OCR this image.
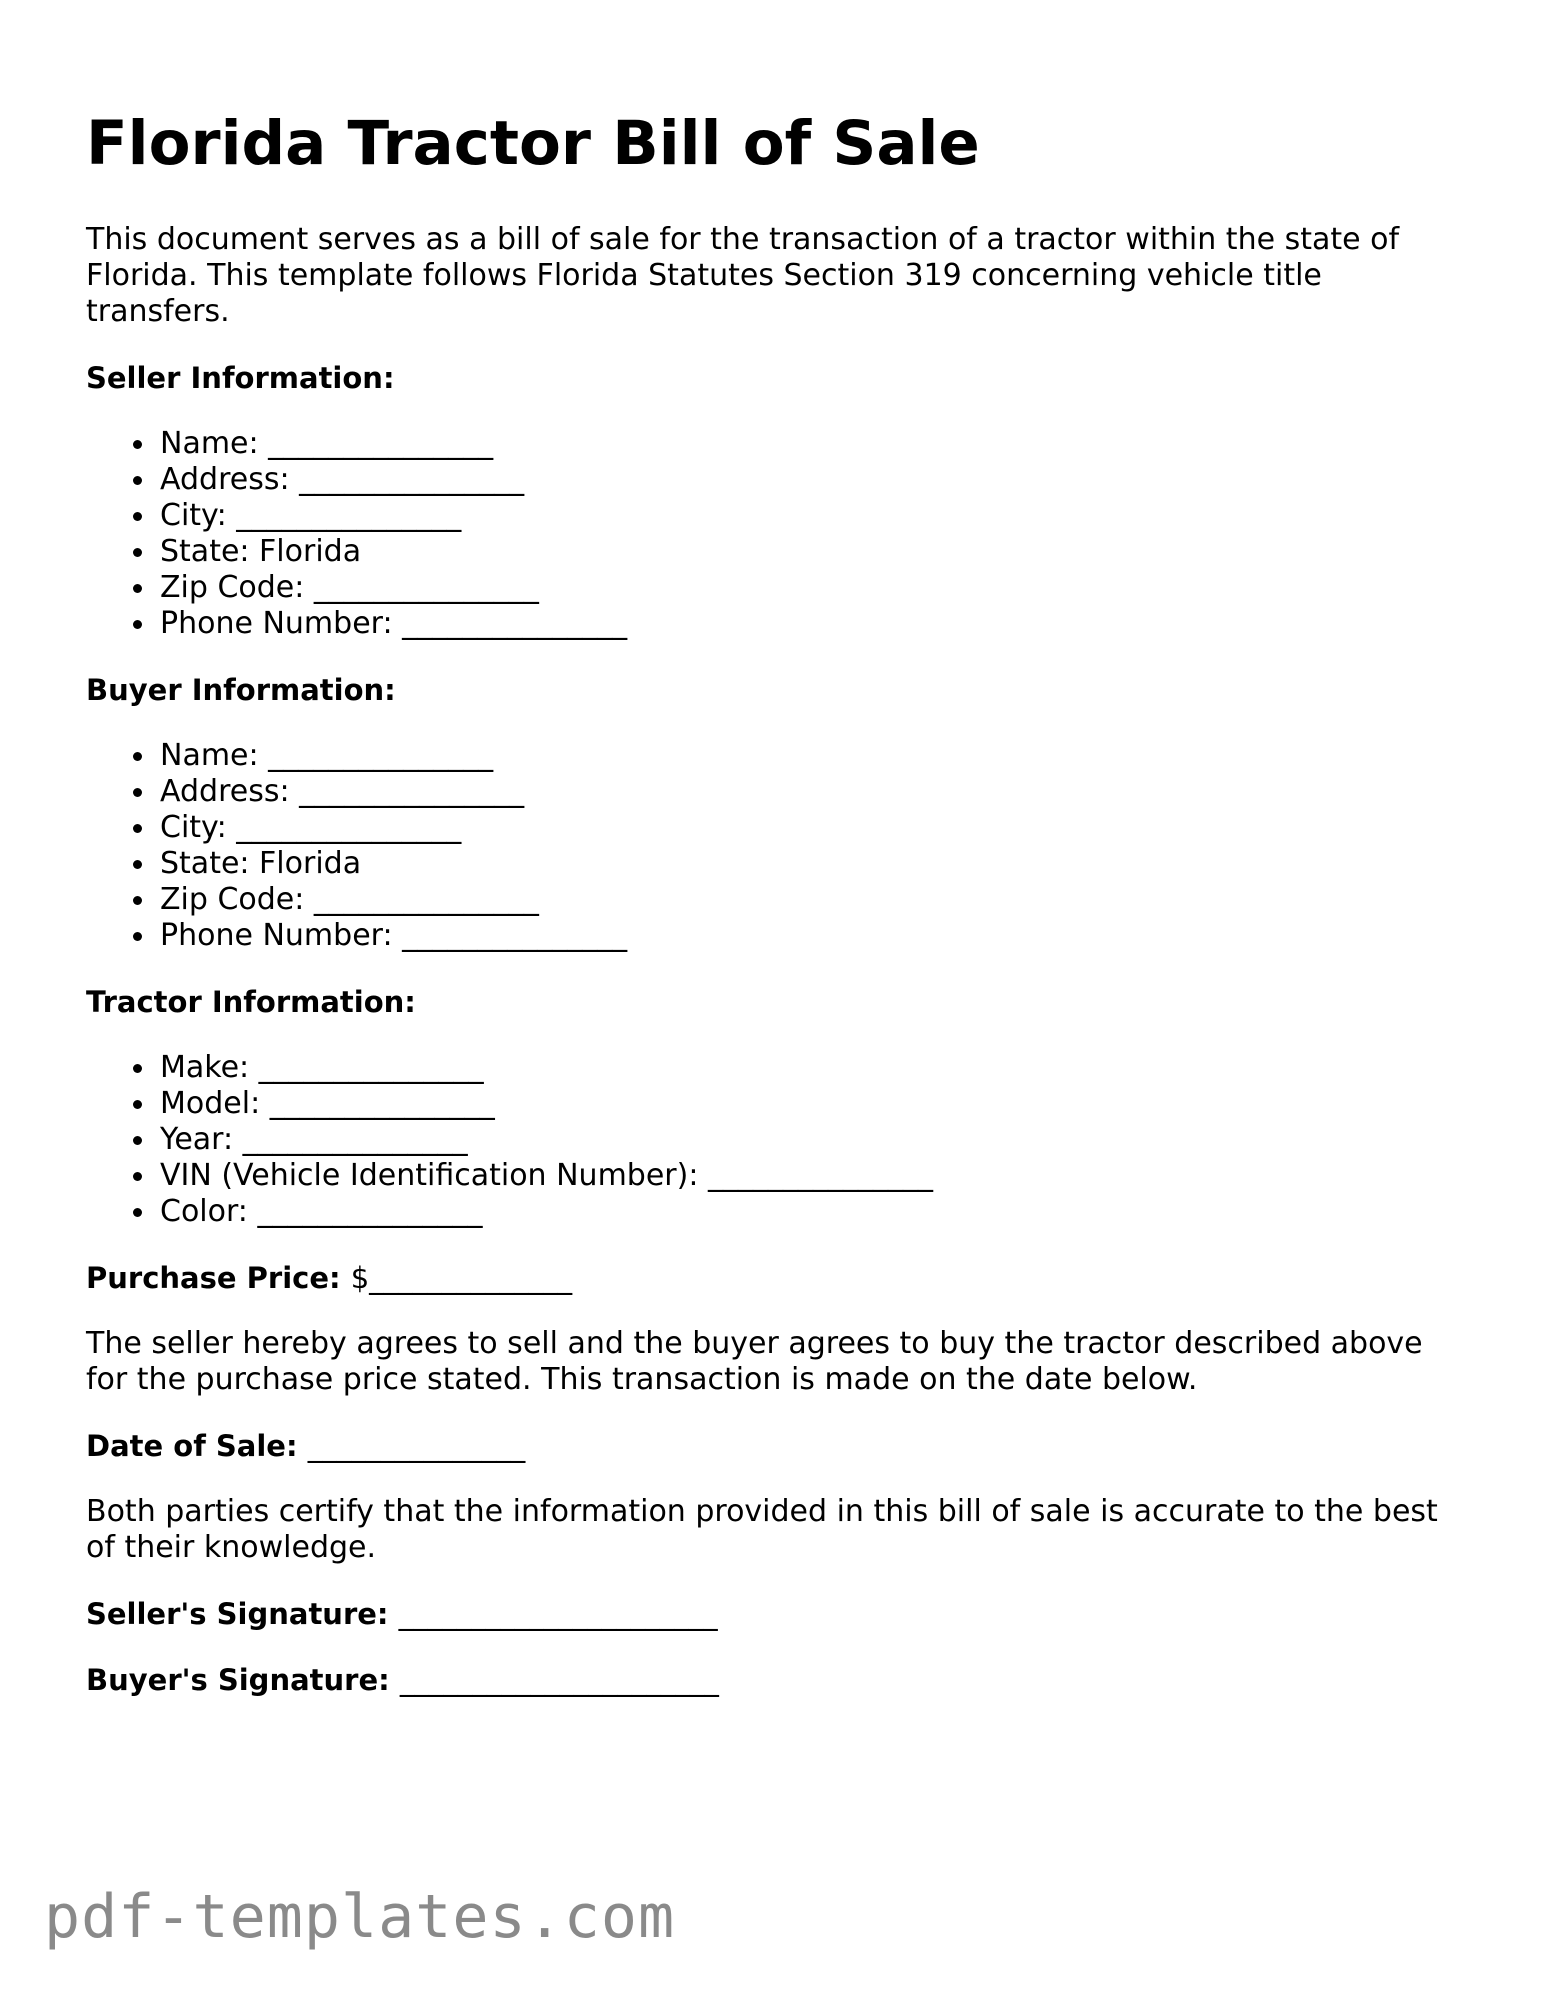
Florida Tractor Bill of Sale

This document serves as a bill of sale for the transaction of a tractor within the state of Florida. This template follows Florida Statutes Section 319 concerning vehicle title transfers.

Seller Information:
Name: _______________
Address: _______________
City: _______________
State: Florida
Zip Code: _______________
Phone Number: _______________
Buyer Information:
Name: _______________
Address: _______________
City: _______________
State: Florida
Zip Code: _______________
Phone Number: _______________
Tractor Information:
Make: _______________
Model: _______________
Year: _______________
VIN (Vehicle Identification Number): _______________
Color: _______________
Purchase Price: $______________

The seller hereby agrees to sell and the buyer agrees to buy the tractor described above for the purchase price stated. This transaction is made on the date below.

Date of Sale: _______________

Both parties certify that the information provided in this bill of sale is accurate to the best of their knowledge.

Seller's Signature: ______________________
Buyer's Signature: ______________________
pdf-templates.com
